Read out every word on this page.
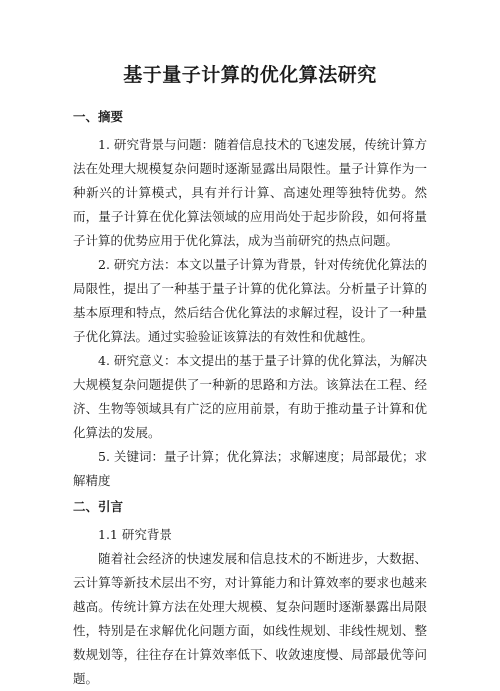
基于量子计算的优化算法研究
一、摘要

1. 研究背景与问题：随着信息技术的飞速发展，传统计算方法在处理大规模复杂问题时逐渐显露出局限性。量子计算作为一种新兴的计算模式，具有并行计算、高速处理等独特优势。然而，量子计算在优化算法领域的应用尚处于起步阶段，如何将量子计算的优势应用于优化算法，成为当前研究的热点问题。

2. 研究方法：本文以量子计算为背景，针对传统优化算法的局限性，提出了一种基于量子计算的优化算法。分析量子计算的基本原理和特点，然后结合优化算法的求解过程，设计了一种量子优化算法。通过实验验证该算法的有效性和优越性。

4. 研究意义：本文提出的基于量子计算的优化算法，为解决大规模复杂问题提供了一种新的思路和方法。该算法在工程、经济、生物等领域具有广泛的应用前景，有助于推动量子计算和优化算法的发展。

5. 关键词：量子计算；优化算法；求解速度；局部最优；求解精度

二、引言
1.1 研究背景

随着社会经济的快速发展和信息技术的不断进步，大数据、云计算等新技术层出不穷，对计算能力和计算效率的要求也越来越高。传统计算方法在处理大规模、复杂问题时逐渐暴露出局限性，特别是在求解优化问题方面，如线性规划、非线性规划、整数规划等，往往存在计算效率低下、收敛速度慢、局部最优等问题。
